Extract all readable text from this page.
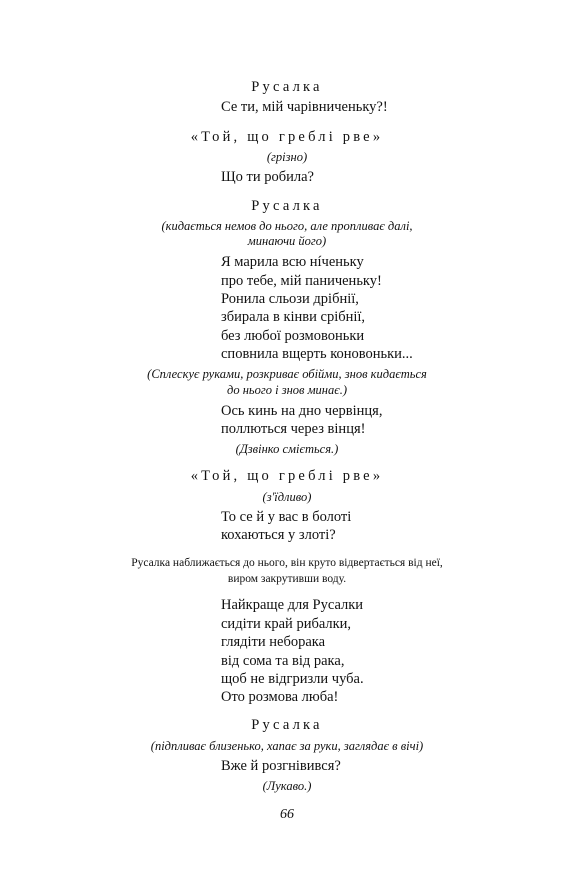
Русалка
Се ти, мій чарівниченьку?!
«Той, що греблі рве»
(грізно)
Що ти робила?
Русалка
(кидається немов до нього, але пропливає далі,
минаючи його)
Я марила всю нíченьку
про тебе, мій паниченьку!
Ронила сльози дрібнії,
збирала в кінви срібнії,
без любої розмовоньки
сповнила вщерть коновоньки...
(Сплескує руками, розкриває обійми, знов кидається
до нього і знов минає.)
Ось кинь на дно червінця,
поллються через вінця!
(Дзвінко сміється.)
«Той, що греблі рве»
(з'їдливо)
То се й у вас в болоті
кохаються у злоті?
Русалка наближається до нього, він круто відвертається від неї,
виром закрутивши воду.
Найкраще для Русалки
сидіти край рибалки,
глядіти неборака
від сома та від рака,
щоб не відгризли чуба.
Ото розмова люба!
Русалка
(підпливає близенько, хапає за руки, заглядає в вічі)
Вже й розгнівився?
(Лукаво.)
66
